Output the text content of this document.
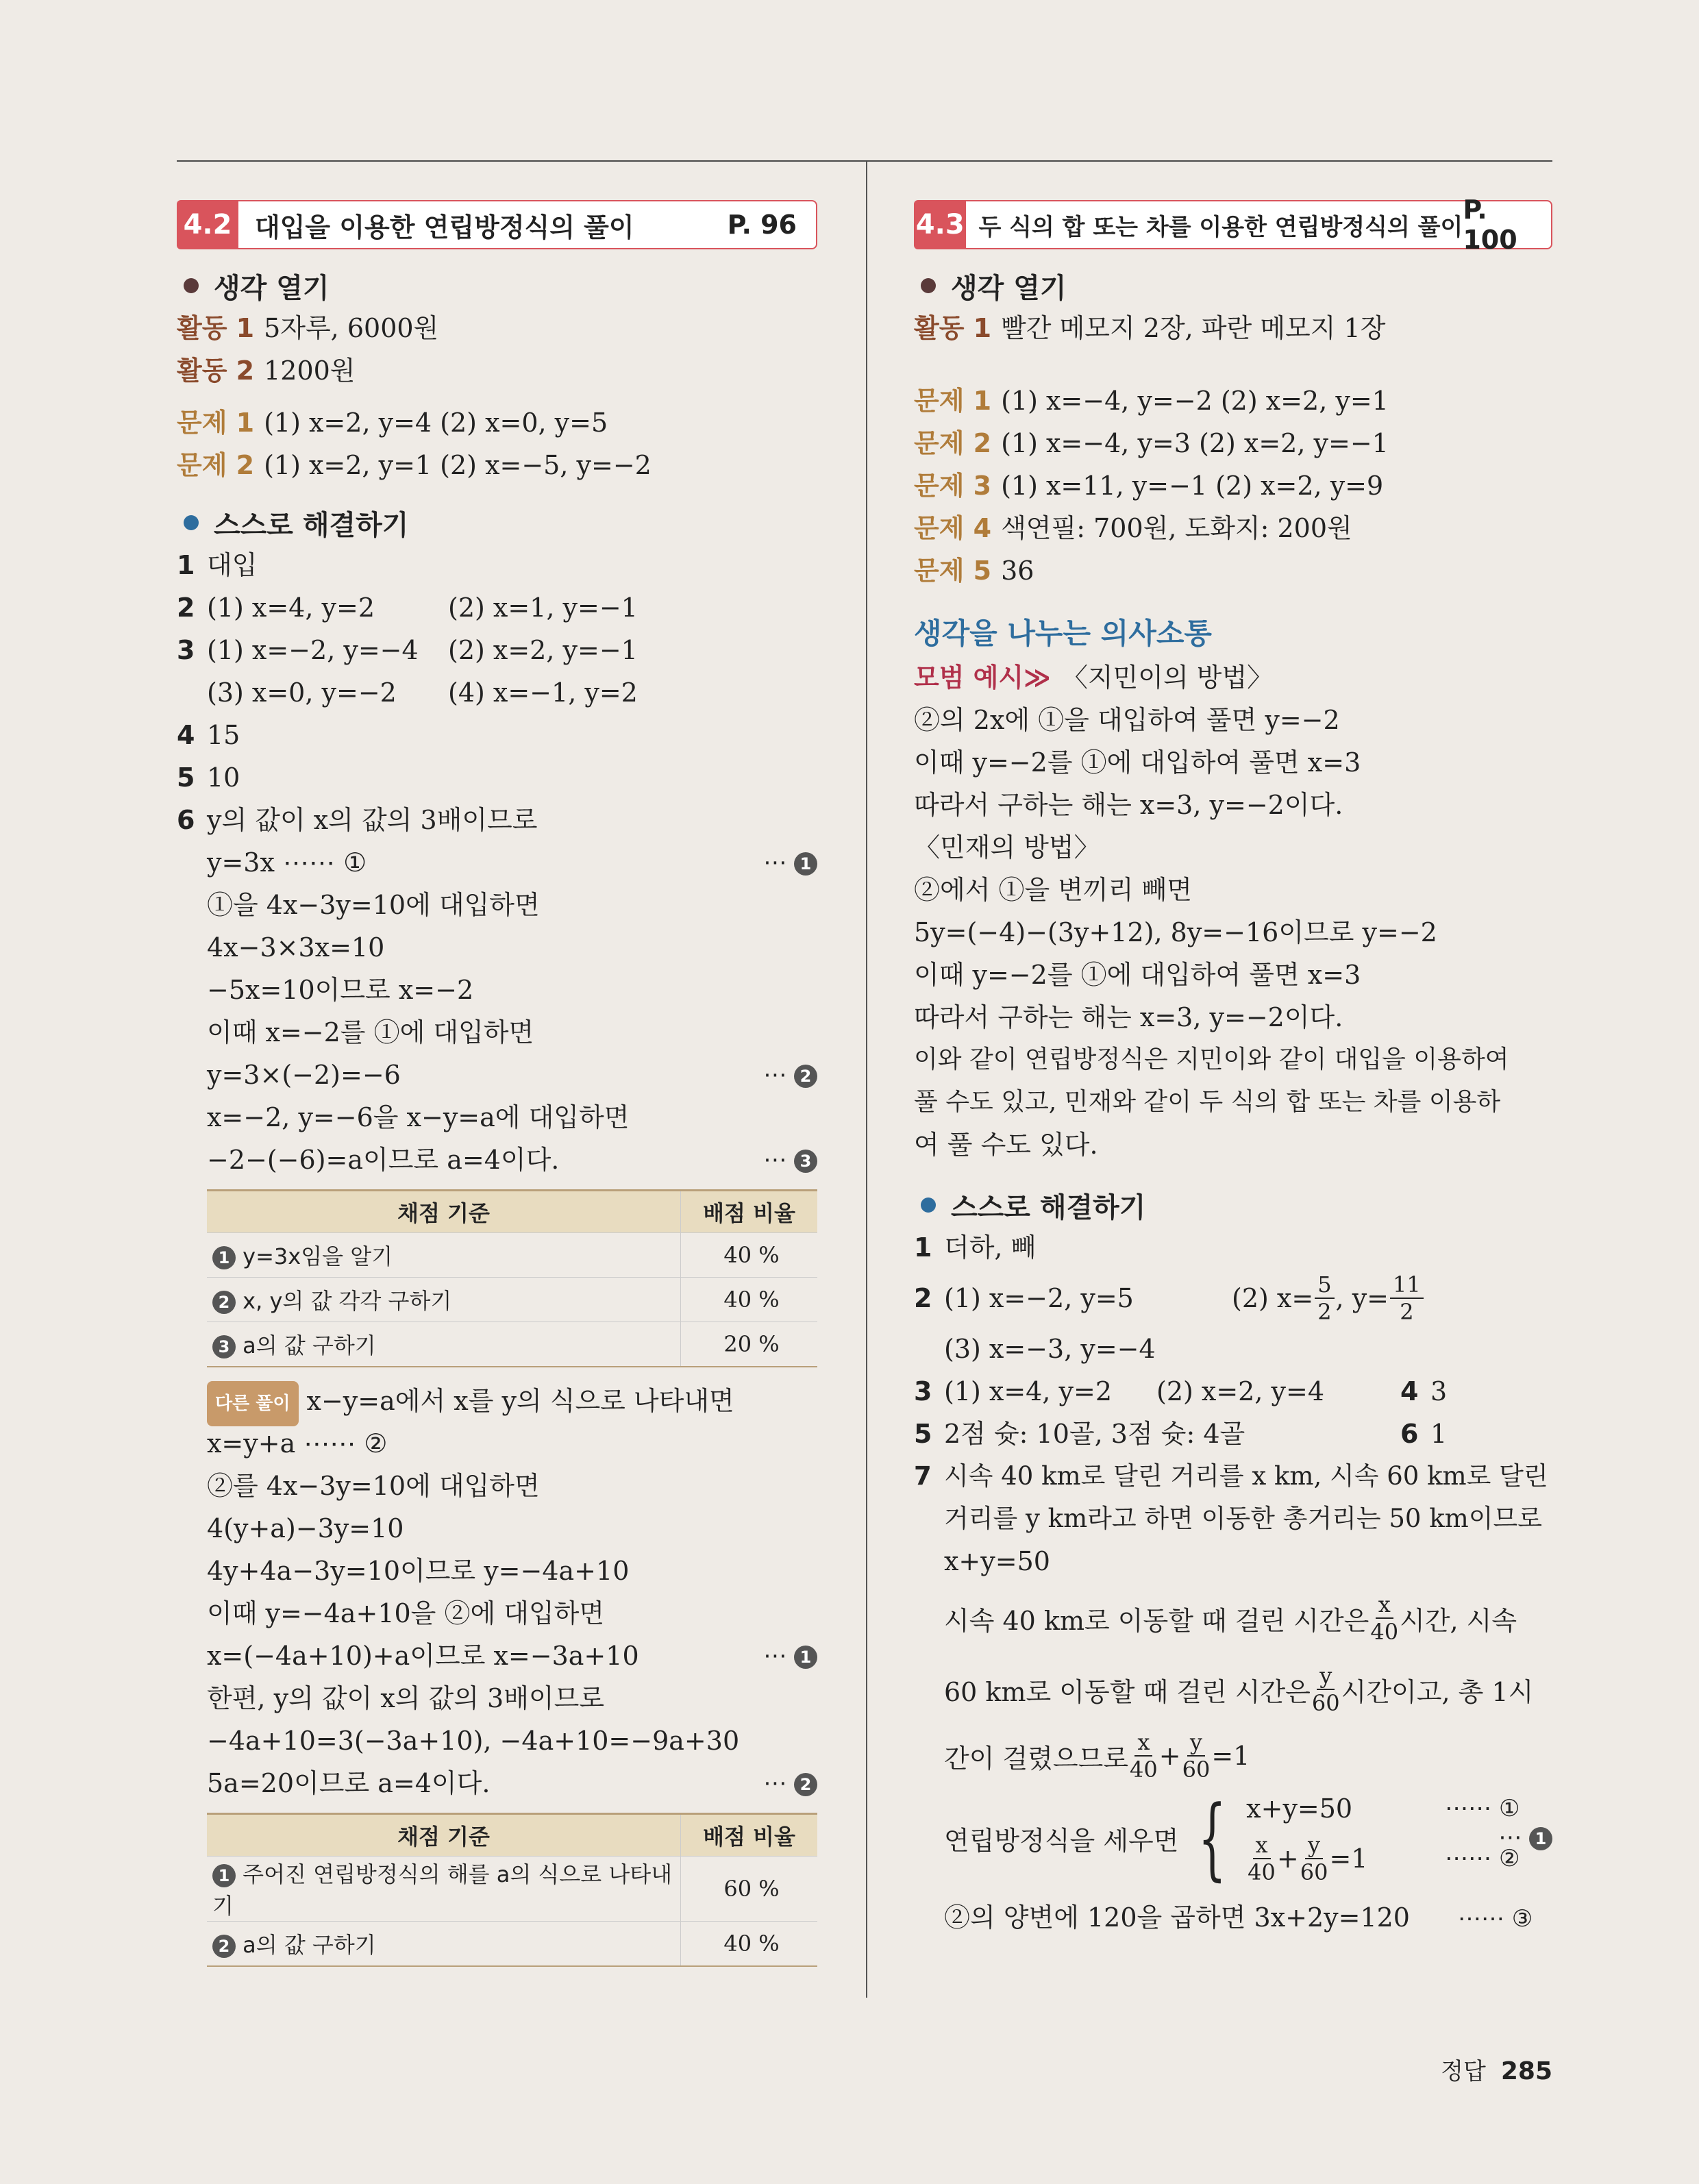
4.2 대입을 이용한 연립방정식의 풀이	P. 96
생각 열기
활동 1 5자루, 6000원
활동 2 1200원
문제 1 (1) x=2, y=4 (2) x=0, y=5
문제 2 (1) x=2, y=1 (2) x=−5, y=−2
스스로 해결하기
1 대입
2 (1) x=4, y=2	(2) x=1, y=−1
3 (1) x=−2, y=−4 (2) x=2, y=−1
(3) x=0, y=−2 (4) x=−1, y=2
4 15
5 10
6 y의 값이 x의 값의 3배이므로
y=3x ⋯⋯ ①	⋯ 1
①을 4x−3y=10에 대입하면
4x−3×3x=10
−5x=10이므로 x=−2
이때 x=−2를 ①에 대입하면
y=3×(−2)=−6	⋯ 2
x=−2, y=−6을 x−y=a에 대입하면
−2−(−6)=a이므로 a=4이다.	⋯ 3
채점 기준	배점 비율
1 y=3x임을 알기	40 %
2 x, y의 값 각각 구하기	40 %
3 a의 값 구하기	20 %
다른 풀이 x−y=a에서 x를 y의 식으로 나타내면
x=y+a ⋯⋯ ②
②를 4x−3y=10에 대입하면
4(y+a)−3y=10
4y+4a−3y=10이므로 y=−4a+10
이때 y=−4a+10을 ②에 대입하면
x=(−4a+10)+a이므로 x=−3a+10	⋯ 1
한편, y의 값이 x의 값의 3배이므로
−4a+10=3(−3a+10), −4a+10=−9a+30
5a=20이므로 a=4이다.	⋯ 2
채점 기준	배점 비율
1 주어진 연립방정식의 해를 a의 식으로 나타내기	60 %
2 a의 값 구하기	40 %
4.3 두 식의 합 또는 차를 이용한 연립방정식의 풀이
P. 100
생각 열기
활동 1 빨간 메모지 2장, 파란 메모지 1장
문제 1 (1) x=−4, y=−2 (2) x=2, y=1
문제 2 (1) x=−4, y=3 (2) x=2, y=−1
문제 3 (1) x=11, y=−1 (2) x=2, y=9
문제 4 색연필: 700원, 도화지: 200원
문제 5 36
생각을 나누는 의사소통
모범 예시≫ 〈지민이의 방법〉
②의 2x에 ①을 대입하여 풀면 y=−2
이때 y=−2를 ①에 대입하여 풀면 x=3
따라서 구하는 해는 x=3, y=−2이다.
〈민재의 방법〉
②에서 ①을 변끼리 빼면
5y=(−4)−(3y+12), 8y=−16이므로 y=−2
이때 y=−2를 ①에 대입하여 풀면 x=3
따라서 구하는 해는 x=3, y=−2이다.
이와 같이 연립방정식은 지민이와 같이 대입을 이용하여
풀 수도 있고, 민재와 같이 두 식의 합 또는 차를 이용하
여 풀 수도 있다.
스스로 해결하기
1 더하, 빼
2 (1) x=−2, y=5	(2) $x= \frac{5}{2}$ , $y= \frac{11}{2}$
(3) x=−3, y=−4
3 (1) x=4, y=2 (2) x=2, y=4	4 3
5 2점 슛: 10골, 3점 슛: 4골	6 1
7 시속 40 km로 달린 거리를 x km, 시속 60 km로 달린
거리를 y km라고 하면 이동한 총거리는 50 km이므로
x+y=50
시속 40 km로 이동할 때 걸린 시간은 $\frac{x}{40}$ 시간, 시속
60 km로 이동할 때 걸린 시간은 $\frac{y}{60}$ 시간이고, 총 1시
간이 걸렸으므로 $\frac{x}{40} + \frac{y}{60} =1$
연립방정식을 세우면 { x+y=50	⋯⋯ ①
$\frac{x}{40} + \frac{y}{60} =1$	⋯⋯ ②
⋯ 1
②의 양변에 120을 곱하면 3x+2y=120 ⋯⋯ ③
정답 285
